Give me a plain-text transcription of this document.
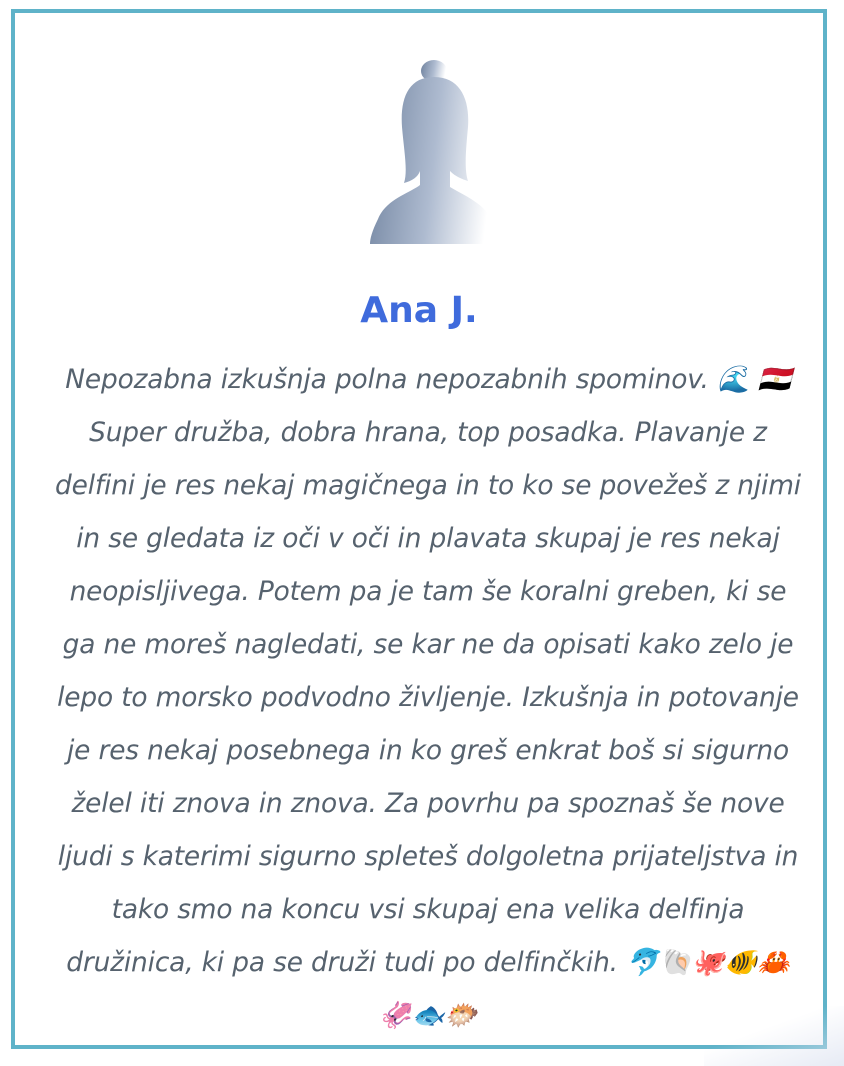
Ana J.
Nepozabna izkušnja polna nepozabnih spominov. 🌊 🇪🇬 Super družba, dobra hrana, top posadka. Plavanje z delfini je res nekaj magičnega in to ko se povežeš z njimi in se gledata iz oči v oči in plavata skupaj je res nekaj neopisljivega. Potem pa je tam še koralni greben, ki se ga ne moreš nagledati, se kar ne da opisati kako zelo je lepo to morsko podvodno življenje. Izkušnja in potovanje je res nekaj posebnega in ko greš enkrat boš si sigurno želel iti znova in znova. Za povrhu pa spoznaš še nove ljudi s katerimi sigurno spleteš dolgoletna prijateljstva in tako smo na koncu vsi skupaj ena velika delfinja družinica, ki pa se druži tudi po delfinčkih. 🐬🐚🐙🐠🦀🦑🐟🐡
